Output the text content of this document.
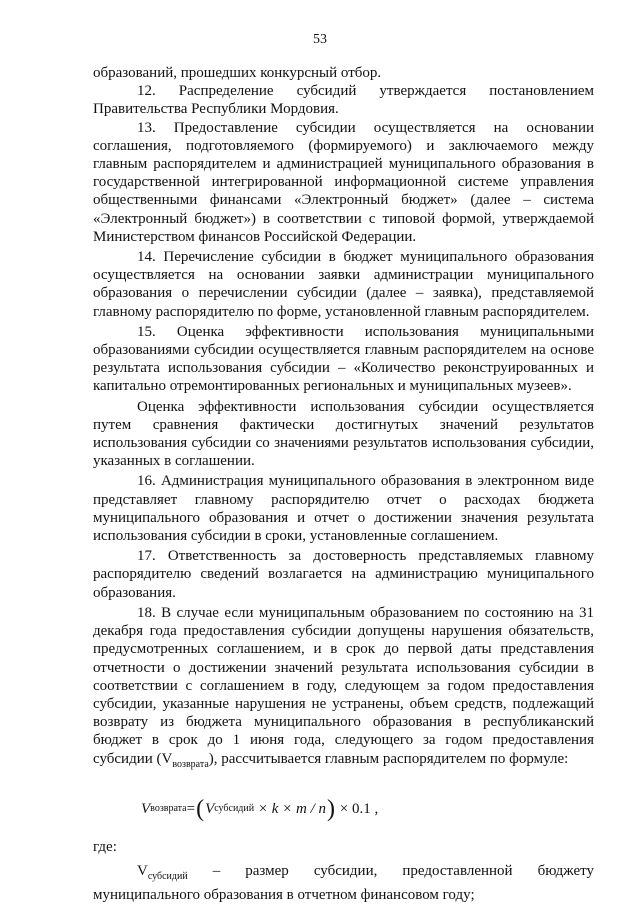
53

образований, прошедших конкурсный отбор.

12. Распределение субсидий утверждается постановлением Правительства Республики Мордовия.

13. Предоставление субсидии осуществляется на основании соглашения, подготовляемого (формируемого) и заключаемого между главным распорядителем и администрацией муниципального образования в государственной интегрированной информационной системе управления общественными финансами «Электронный бюджет» (далее – система «Электронный бюджет») в соответствии с типовой формой, утверждаемой Министерством финансов Российской Федерации.

14. Перечисление субсидии в бюджет муниципального образования осуществляется на основании заявки администрации муниципального образования о перечислении субсидии (далее – заявка), представляемой главному распорядителю по форме, установленной главным распорядителем.

15. Оценка эффективности использования муниципальными образованиями субсидии осуществляется главным распорядителем на основе результата использования субсидии – «Количество реконструированных и капитально отремонтированных региональных и муниципальных музеев».

Оценка эффективности использования субсидии осуществляется путем сравнения фактически достигнутых значений результатов использования субсидии со значениями результатов использования субсидии, указанных в соглашении.

16. Администрация муниципального образования в электронном виде представляет главному распорядителю отчет о расходах бюджета муниципального образования и отчет о достижении значения результата использования субсидии в сроки, установленные соглашением.

17. Ответственность за достоверность представляемых главному распорядителю сведений возлагается на администрацию муниципального образования.

18. В случае если муниципальным образованием по состоянию на 31 декабря года предоставления субсидии допущены нарушения обязательств, предусмотренных соглашением, и в срок до первой даты представления отчетности о достижении значений результата использования субсидии в соответствии с соглашением в году, следующем за годом предоставления субсидии, указанные нарушения не устранены, объем средств, подлежащий возврату из бюджета муниципального образования в республиканский бюджет в срок до 1 июня года, следующего за годом предоставления субсидии $(V_{возврата})$, рассчитывается главным распорядителем по формуле:

V возврата = ( V субсидий × k × m / n ) × 0.1 ,

где:

$V_{субсидий}$ – размер субсидии, предоставленной бюджету муниципального образования в отчетном финансовом году;
